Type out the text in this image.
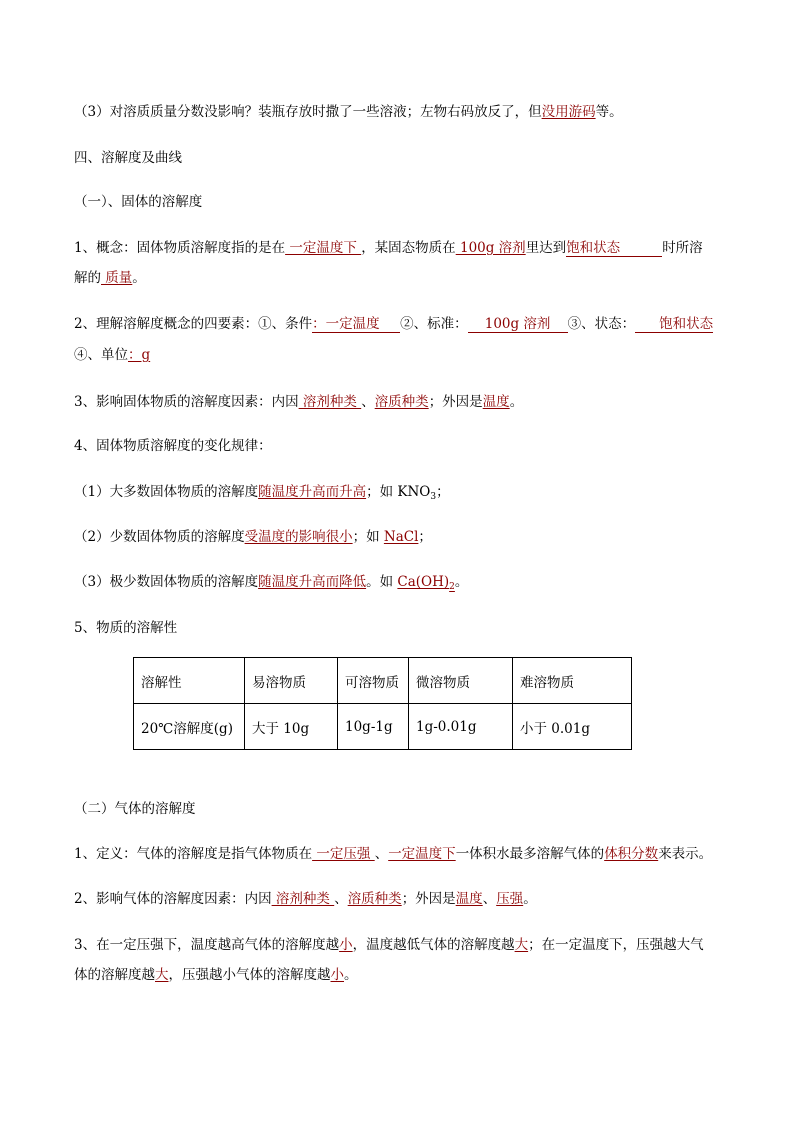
（3）对溶质质量分数没影响？装瓶存放时撒了一些溶液；左物右码放反了，但没用游码等。
四、溶解度及曲线
（一）、固体的溶解度
1、概念：固体物质溶解度指的是在 一定温度下 ，某固态物质在 100g 溶剂里达到饱和状态	时所溶
解的 质量。
2、理解溶解度概念的四要素：①、条件：一定温度 ②、标准： 100g 溶剂 ③、状态： 饱和状态
④、单位：g
3、影响固体物质的溶解度因素：内因 溶剂种类 、溶质种类；外因是温度。
4、固体物质溶解度的变化规律：
（1）大多数固体物质的溶解度随温度升高而升高；如 $KNO_3$；
（2）少数固体物质的溶解度受温度的影响很小；如 NaCl；
（3）极少数固体物质的溶解度随温度升高而降低。如 $Ca(OH)_2$。
5、物质的溶解性
溶解性	易溶物质	可溶物质	微溶物质	难溶物质
20℃溶解度(g)	大于 10g	10g-1g	1g-0.01g	小于 0.01g
（二）气体的溶解度
1、定义：气体的溶解度是指气体物质在 一定压强 、一定温度下一体积水最多溶解气体的体积分数来表示。
2、影响气体的溶解度因素：内因 溶剂种类 、溶质种类；外因是温度、压强。
3、在一定压强下，温度越高气体的溶解度越小，温度越低气体的溶解度越大；在一定温度下，压强越大气
体的溶解度越大，压强越小气体的溶解度越小。
